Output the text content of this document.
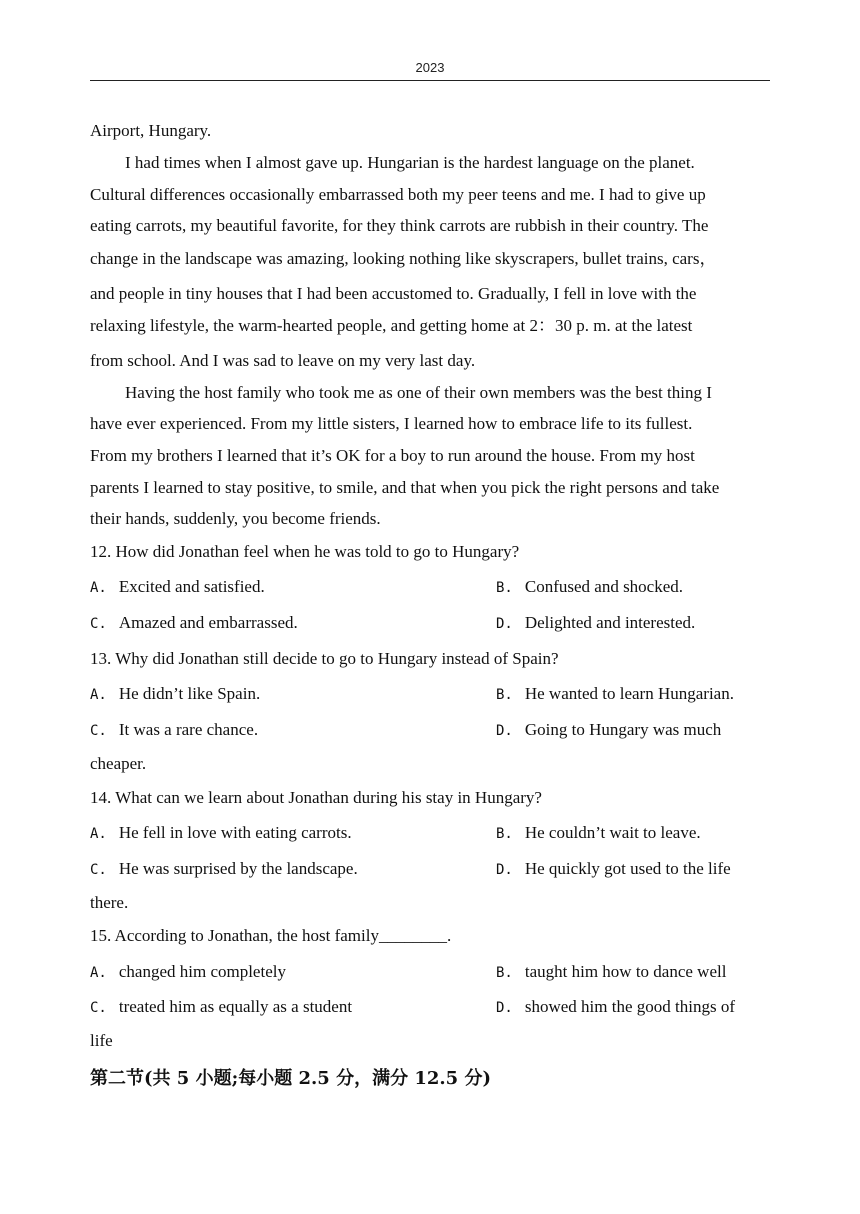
2023
Airport, Hungary.
I had times when I almost gave up. Hungarian is the hardest language on the planet.
Cultural differences occasionally embarrassed both my peer teens and me. I had to give up
eating carrots, my beautiful favorite, for they think carrots are rubbish in their country. The
change in the landscape was amazing, looking nothing like skyscrapers, bullet trains, cars，
and people in tiny houses that I had been accustomed to. Gradually, I fell in love with the
relaxing lifestyle, the warm-hearted people, and getting home at 2：30 p. m. at the latest
from school. And I was sad to leave on my very last day.
Having the host family who took me as one of their own members was the best thing I
have ever experienced. From my little sisters, I learned how to embrace life to its fullest.
From my brothers I learned that it’s OK for a boy to run around the house. From my host
parents I learned to stay positive, to smile, and that when you pick the right persons and take
their hands, suddenly, you become friends.
12. How did Jonathan feel when he was told to go to Hungary?
A. Excited and satisfied.	B. Confused and shocked.
C. Amazed and embarrassed.	D. Delighted and interested.
13. Why did Jonathan still decide to go to Hungary instead of Spain?
A. He didn’t like Spain.	B. He wanted to learn Hungarian.
C. It was a rare chance.	D. Going to Hungary was much
cheaper.
14. What can we learn about Jonathan during his stay in Hungary?
A. He fell in love with eating carrots.	B. He couldn’t wait to leave.
C. He was surprised by the landscape.	D. He quickly got used to the life
there.
15. According to Jonathan, the host family________.
A. changed him completely	B. taught him how to dance well
C. treated him as equally as a student	D. showed him the good things of
life
第二节(共 5 小题;每小题 2.5 分，满分 12.5 分)
